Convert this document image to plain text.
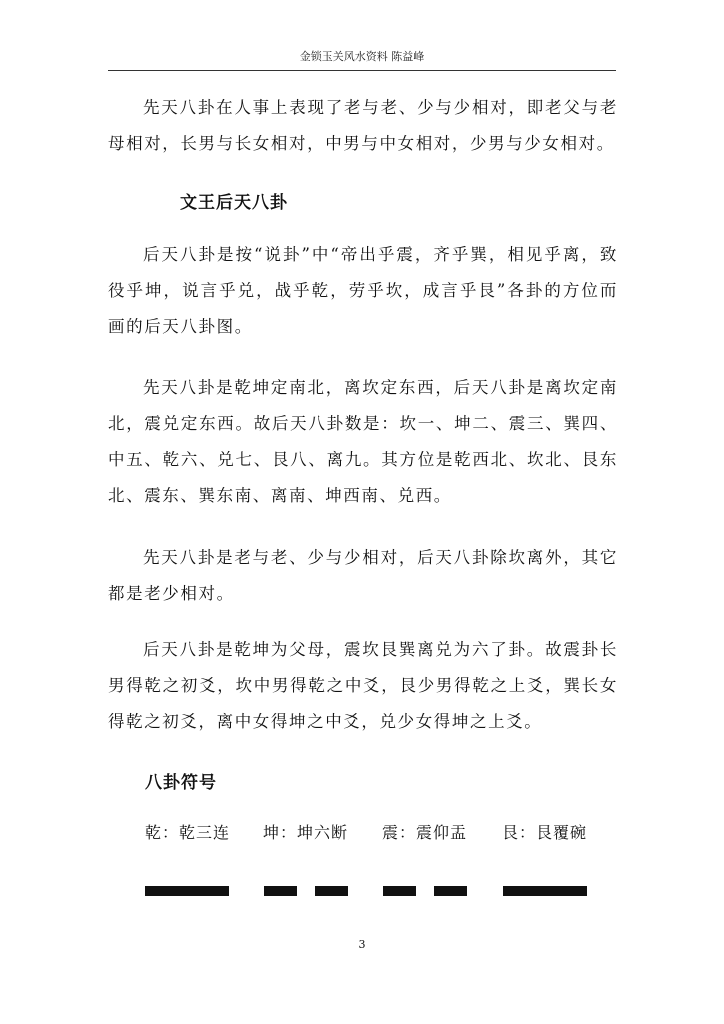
金锁玉关风水资料 陈益峰

先天八卦在人事上表现了老与老、少与少相对，即老父与老母相对，长男与长女相对，中男与中女相对，少男与少女相对。

文王后天八卦

后天八卦是按“说卦”中“帝出乎震，齐乎巽，相见乎离，致役乎坤，说言乎兑，战乎乾，劳乎坎，成言乎艮”各卦的方位而画的后天八卦图。

先天八卦是乾坤定南北，离坎定东西，后天八卦是离坎定南北，震兑定东西。故后天八卦数是：坎一、坤二、震三、巽四、中五、乾六、兑七、艮八、离九。其方位是乾西北、坎北、艮东北、震东、巽东南、离南、坤西南、兑西。

先天八卦是老与老、少与少相对，后天八卦除坎离外，其它都是老少相对。

后天八卦是乾坤为父母，震坎艮巽离兑为六了卦。故震卦长男得乾之初爻，坎中男得乾之中爻，艮少男得乾之上爻，巽长女得乾之初爻，离中女得坤之中爻，兑少女得坤之上爻。

八卦符号
乾：乾三连 坤：坤六断 震：震仰盂 艮：艮覆碗
3
